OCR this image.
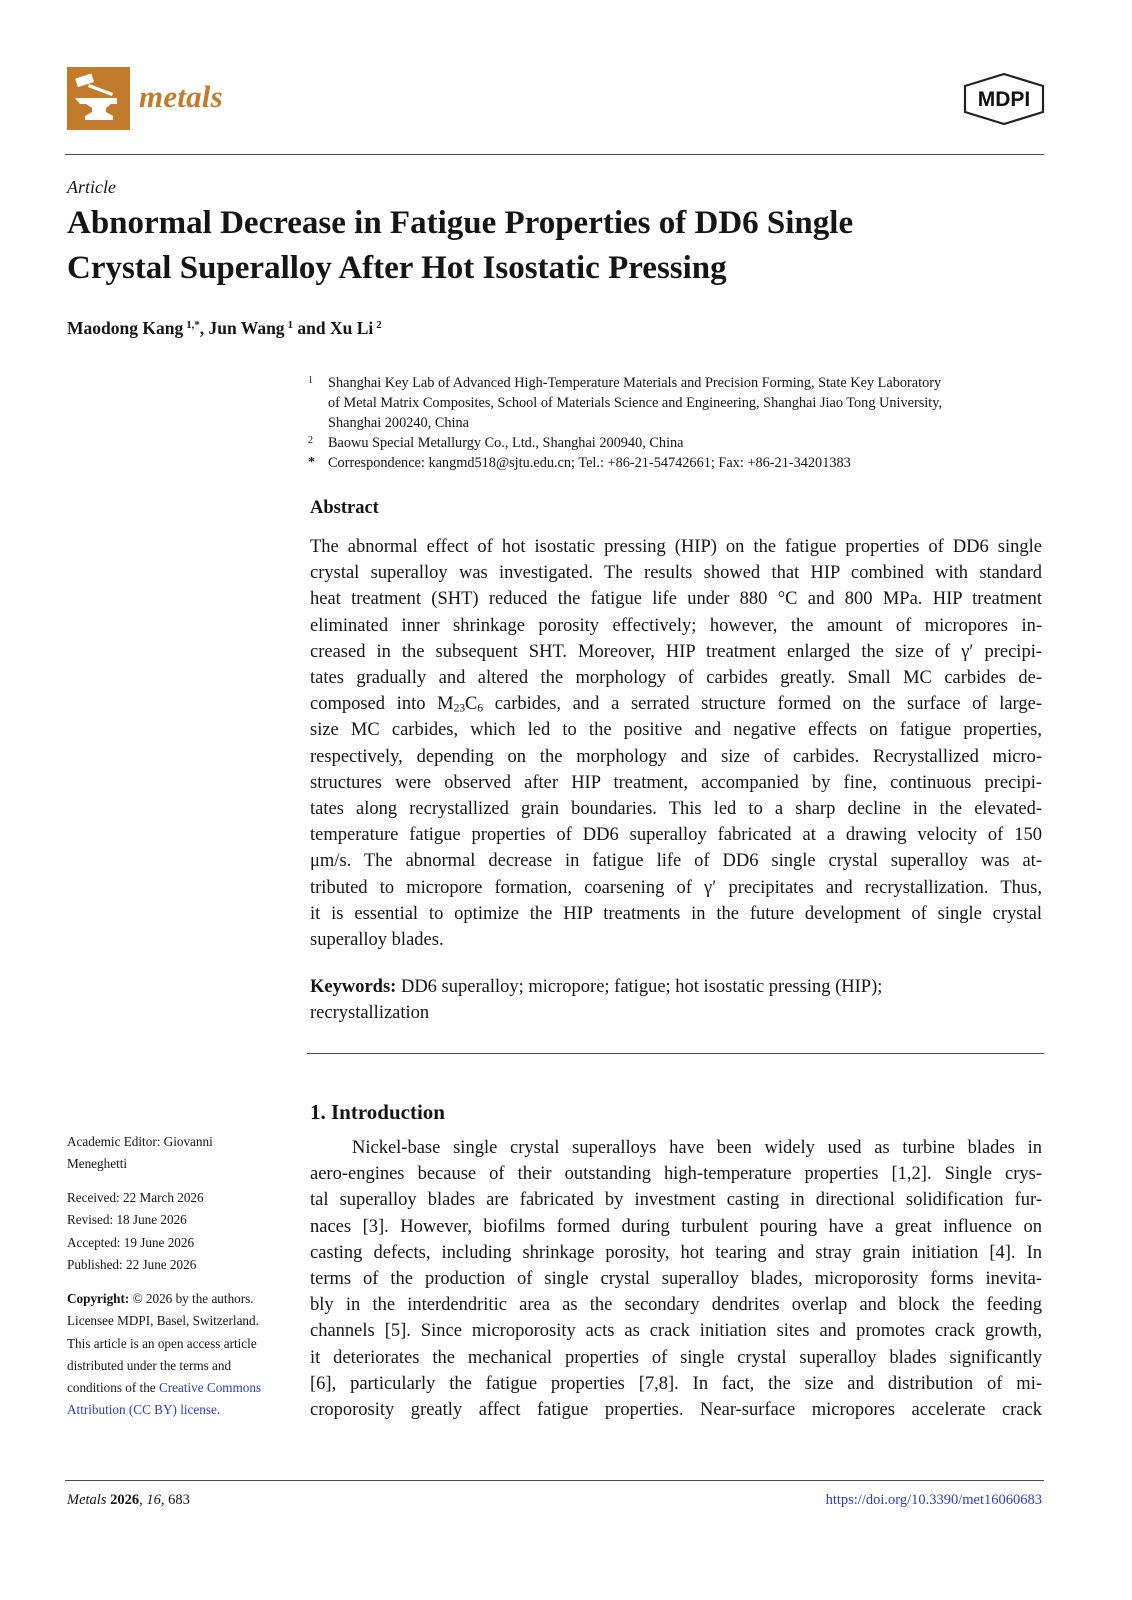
metals	MDPI
Article
Abnormal Decrease in Fatigue Properties of DD6 Single
Crystal Superalloy After Hot Isostatic Pressing
Maodong Kang $^{1,*}$, Jun Wang $^1$ and Xu Li $^2$
1	Shanghai Key Lab of Advanced High-Temperature Materials and Precision Forming, State Key Laboratory
of Metal Matrix Composites, School of Materials Science and Engineering, Shanghai Jiao Tong University,
Shanghai 200240, China
2	Baowu Special Metallurgy Co., Ltd., Shanghai 200940, China
* Correspondence: kangmd518@sjtu.edu.cn; Tel.: +86-21-54742661; Fax: +86-21-34201383
Abstract
The abnormal effect of hot isostatic pressing (HIP) on the fatigue properties of DD6 single
crystal superalloy was investigated. The results showed that HIP combined with standard
heat treatment (SHT) reduced the fatigue life under 880 °C and 800 MPa. HIP treatment
eliminated inner shrinkage porosity effectively; however, the amount of micropores in-
creased in the subsequent SHT. Moreover, HIP treatment enlarged the size of γ′ precipi-
tates gradually and altered the morphology of carbides greatly. Small MC carbides de-
composed into $M_{23}C_6$ carbides, and a serrated structure formed on the surface of large-
size MC carbides, which led to the positive and negative effects on fatigue properties,
respectively, depending on the morphology and size of carbides. Recrystallized micro-
structures were observed after HIP treatment, accompanied by fine, continuous precipi-
tates along recrystallized grain boundaries. This led to a sharp decline in the elevated-
temperature fatigue properties of DD6 superalloy fabricated at a drawing velocity of 150
μm/s. The abnormal decrease in fatigue life of DD6 single crystal superalloy was at-
tributed to micropore formation, coarsening of γ′ precipitates and recrystallization. Thus,
it is essential to optimize the HIP treatments in the future development of single crystal
superalloy blades.
Keywords: DD6 superalloy; micropore; fatigue; hot isostatic pressing (HIP);
recrystallization
Academic Editor: Giovanni
Meneghetti
Received: 22 March 2026
Revised: 18 June 2026
Accepted: 19 June 2026
Published: 22 June 2026
Copyright: © 2026 by the authors.
Licensee MDPI, Basel, Switzerland.
This article is an open access article
distributed under the terms and
conditions of the Creative Commons
Attribution (CC BY) license.
1. Introduction
Nickel-base single crystal superalloys have been widely used as turbine blades in
aero-engines because of their outstanding high-temperature properties [1,2]. Single crys-
tal superalloy blades are fabricated by investment casting in directional solidification fur-
naces [3]. However, biofilms formed during turbulent pouring have a great influence on
casting defects, including shrinkage porosity, hot tearing and stray grain initiation [4]. In
terms of the production of single crystal superalloy blades, microporosity forms inevita-
bly in the interdendritic area as the secondary dendrites overlap and block the feeding
channels [5]. Since microporosity acts as crack initiation sites and promotes crack growth,
it deteriorates the mechanical properties of single crystal superalloy blades significantly
[6], particularly the fatigue properties [7,8]. In fact, the size and distribution of mi-
croporosity greatly affect fatigue properties. Near-surface micropores accelerate crack
Metals 2026, 16, 683	https://doi.org/10.3390/met16060683
